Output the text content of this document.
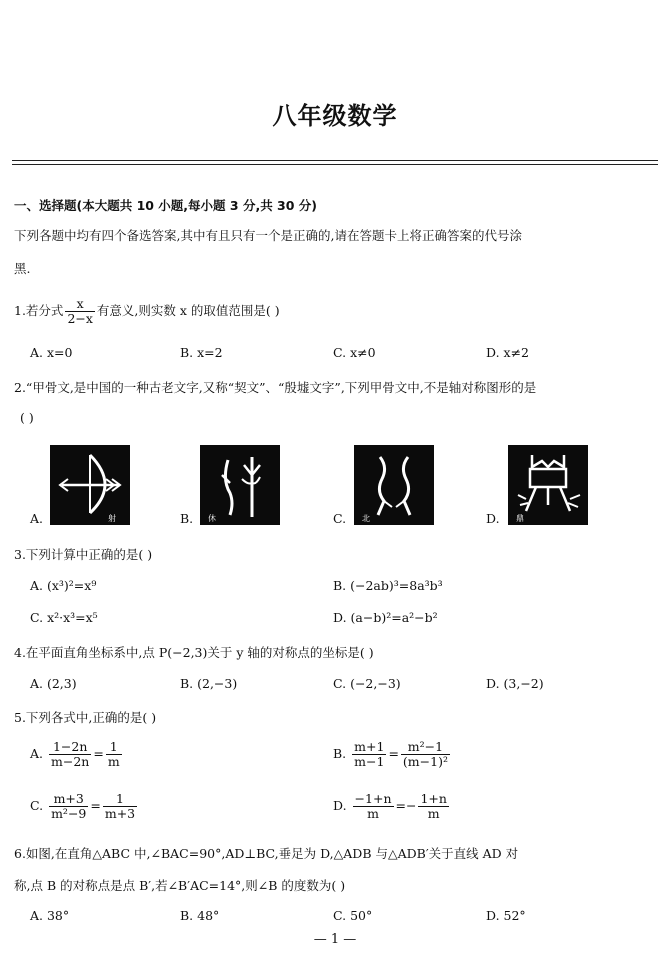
八年级数学
一、选择题(本大题共 10 小题,每小题 3 分,共 30 分)
下列各题中均有四个备选答案,其中有且只有一个是正确的,请在答题卡上将正确答案的代号涂
黑.
1.若分式 $\frac{x}{2-x}$ 有意义,则实数 x 的取值范围是( )
A. x=0	B. x=2	C. x≠0	D. x≠2
2.“甲骨文,是中国的一种古老文字,又称“契文”、“殷墟文字”,下列甲骨文中,不是轴对称图形的是
( )
A.	射	B. 休	C. 北	D. 鼎
3.下列计算中正确的是( )
A. (x³)²=x⁹	B. (−2ab)³=8a³b³
C. x²·x³=x⁵	D. (a−b)²=a²−b²
4.在平面直角坐标系中,点 P(−2,3)关于 y 轴的对称点的坐标是( )
A. (2,3)	B. (2,−3)	C. (−2,−3)	D. (3,−2)
5.下列各式中,正确的是( )
A. $\frac{1-2n}{m-2n} = \frac{1}{m}$	B. $\frac{m+1}{m-1} = \frac{\text{m²−1}}{\text{(m−1)²}}$
C. $\frac{m+3}{\text{m²−9}} = \frac{1}{m+3}$	D. $\frac{-1+n}{m} =- \frac{1+n}{m}$
6.如图,在直角△ABC 中,∠BAC=90°,AD⊥BC,垂足为 D,△ADB 与△ADB′关于直线 AD 对
称,点 B 的对称点是点 B′,若∠B′AC=14°,则∠B 的度数为( )
A. 38°	B. 48°	C. 50°	D. 52°
— 1 —
